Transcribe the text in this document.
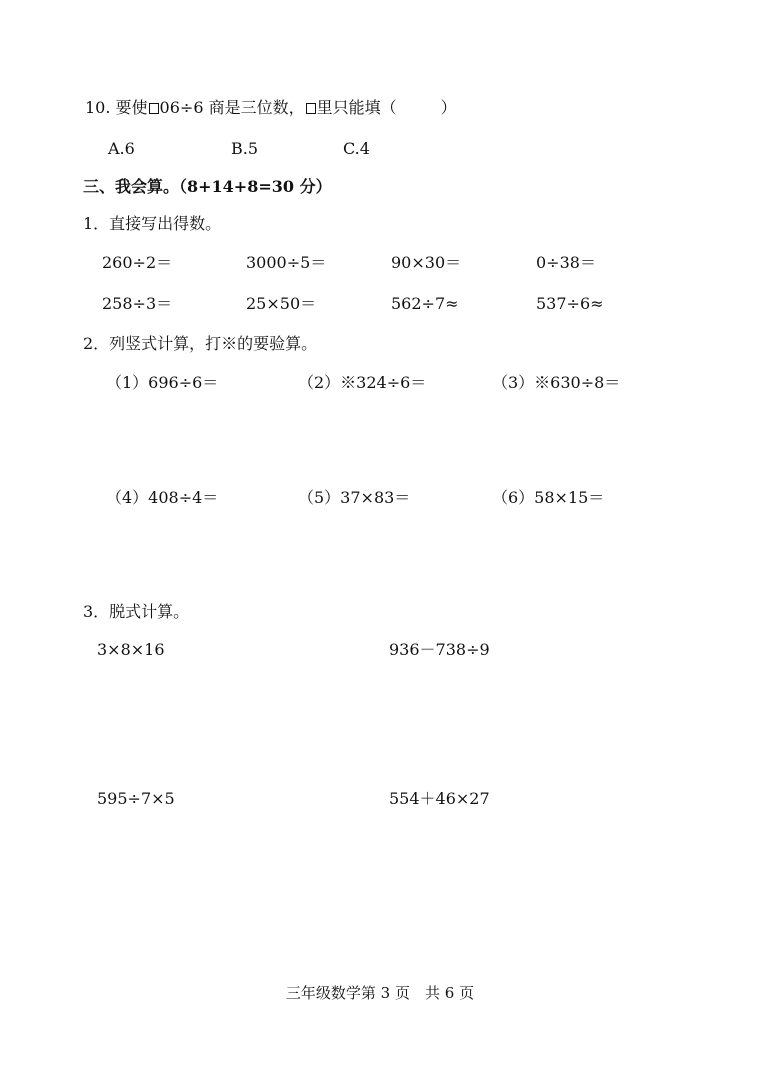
10. 要使 06÷6 商是三位数， 里只能填（	）
A.6	B.5	C.4
三、我会算。（8+14+8=30 分）
1．直接写出得数。
260÷2＝	3000÷5＝	90×30＝	0÷38＝
258÷3＝	25×50＝	562÷7≈	537÷6≈
2．列竖式计算，打※的要验算。
（1）696÷6＝	（2）※324÷6＝	（3）※630÷8＝
（4）408÷4＝	（5）37×83＝	（6）58×15＝
3．脱式计算。
3×8×16	936－738÷9
595÷7×5	554＋46×27
三年级数学第 3 页　共 6 页
